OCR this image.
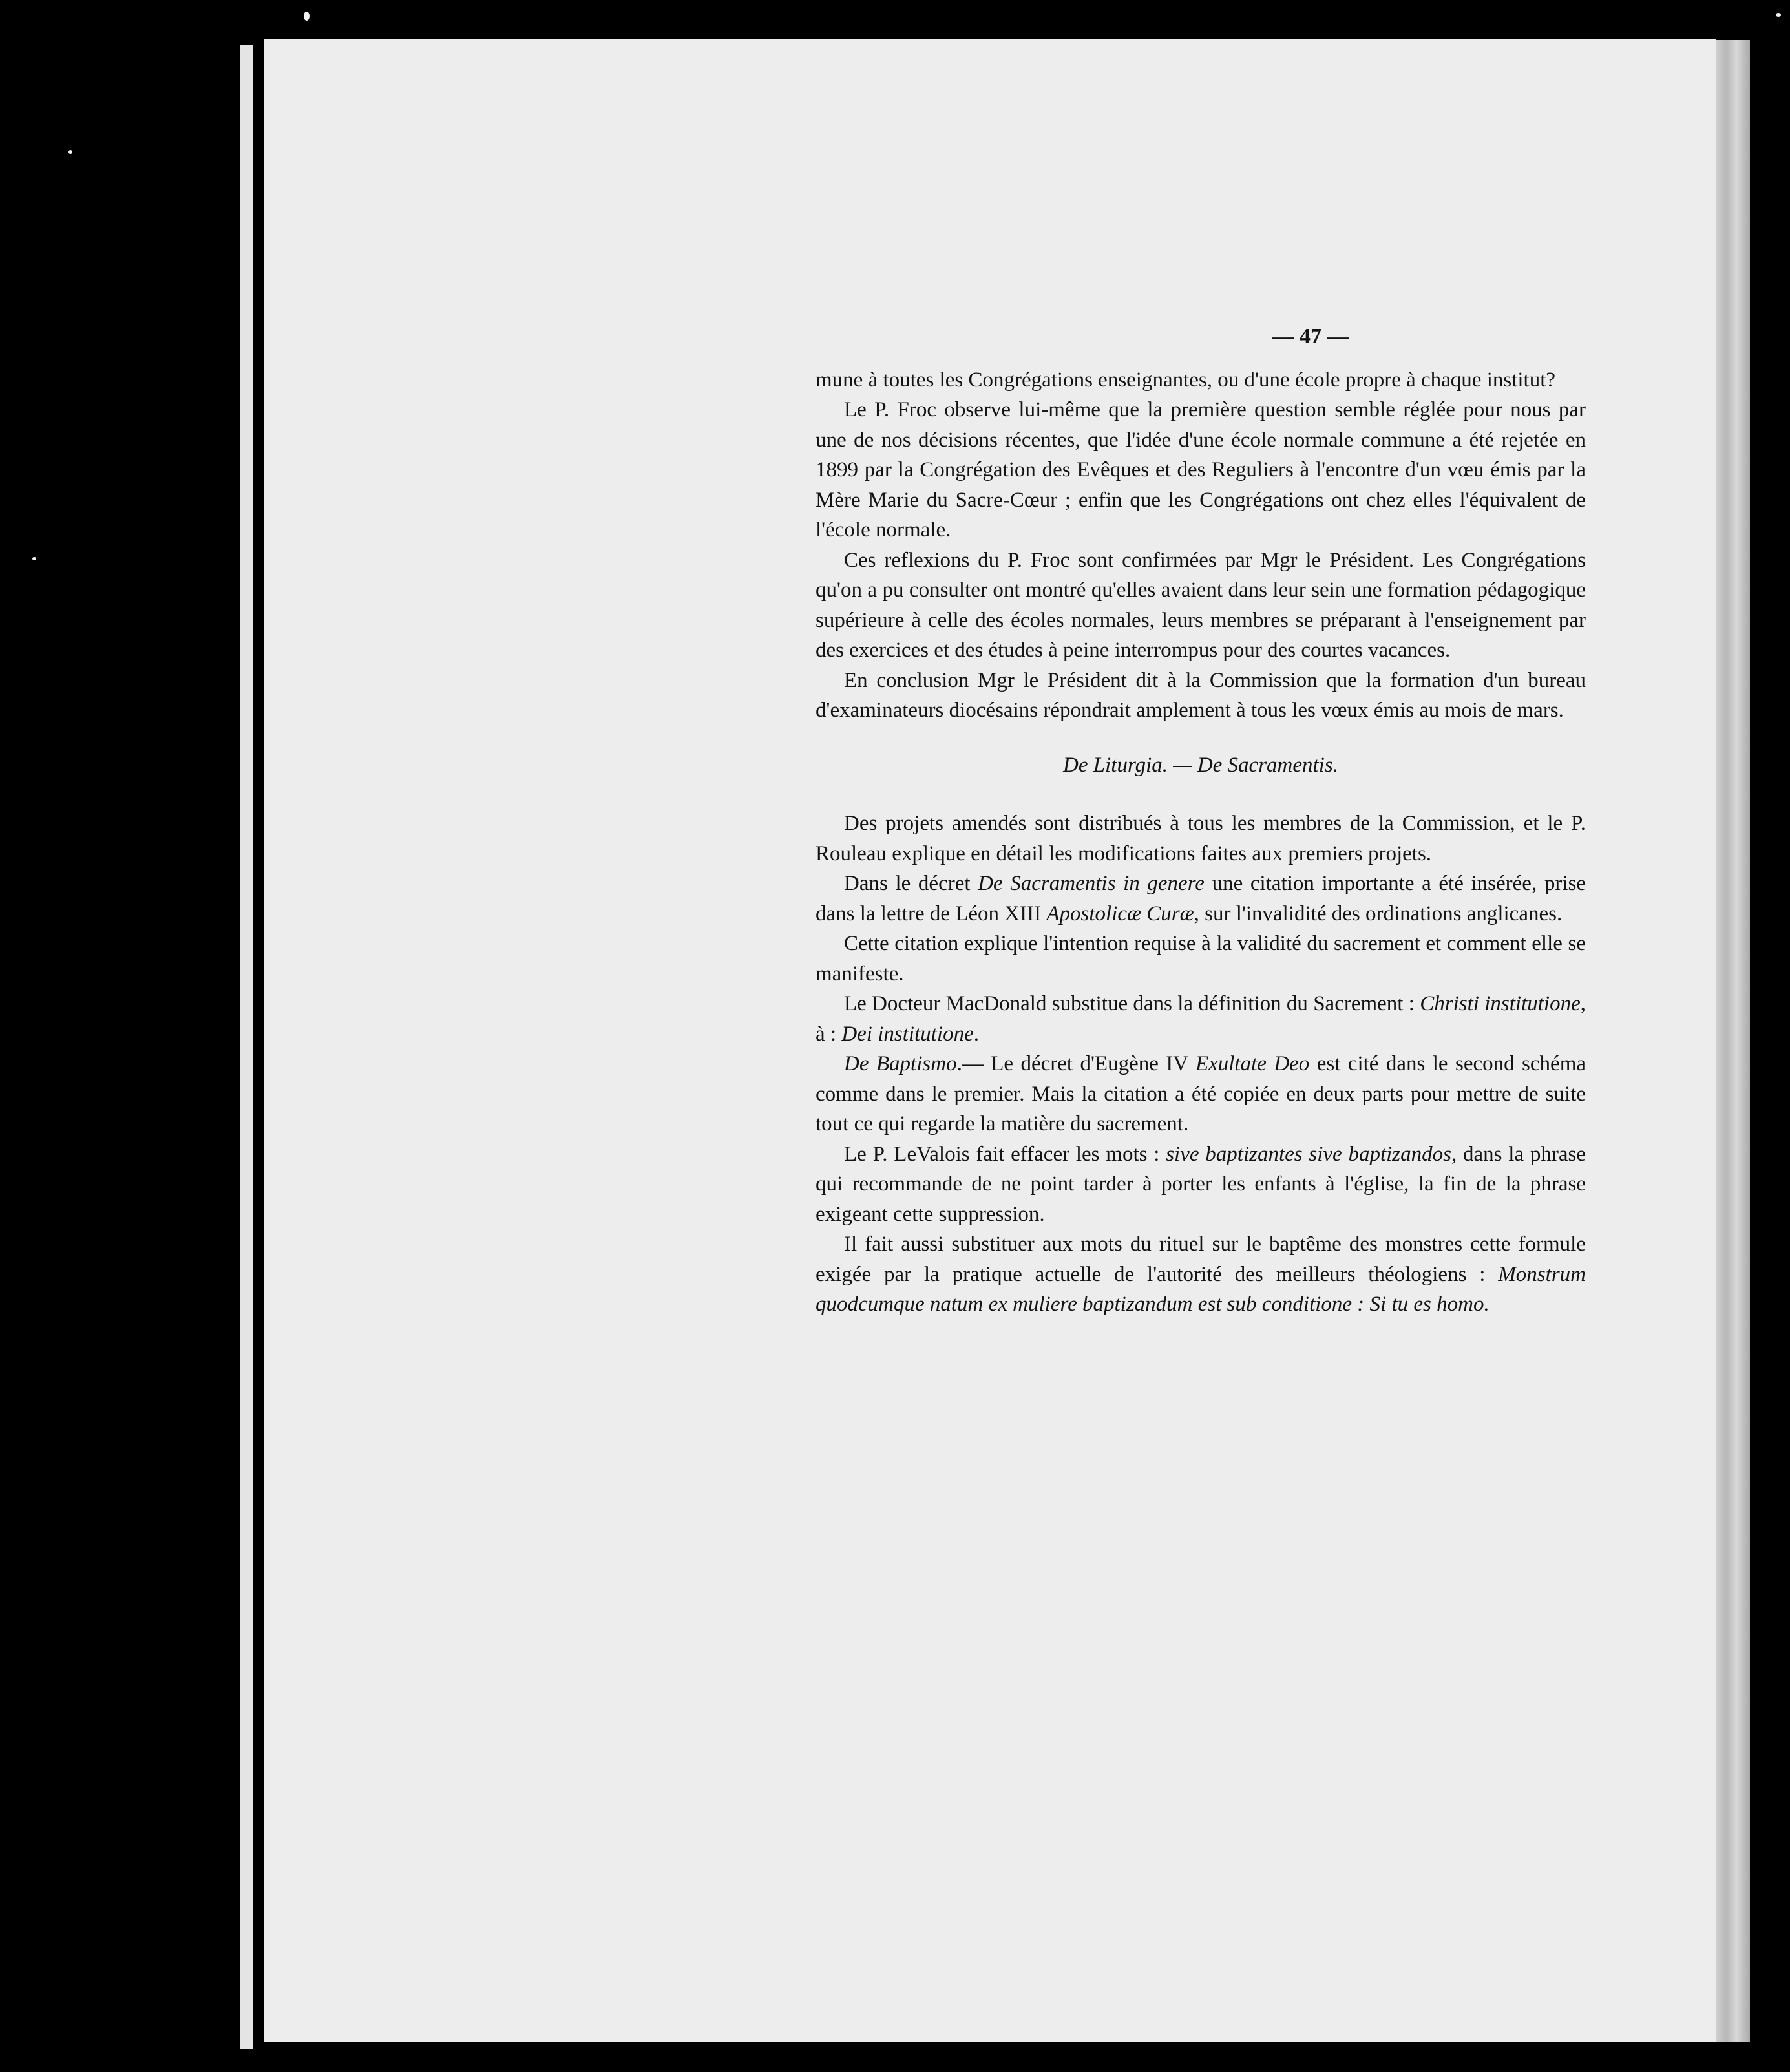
— 47 —

mune à toutes les Congrégations enseignantes, ou d'une école propre à chaque institut?

Le P. Froc observe lui-même que la première question semble réglée pour nous par une de nos décisions récentes, que l'idée d'une école normale commune a été rejetée en 1899 par la Congrégation des Evêques et des Reguliers à l'encontre d'un vœu émis par la Mère Marie du Sacre-Cœur ; enfin que les Congrégations ont chez elles l'équivalent de l'école normale.

Ces reflexions du P. Froc sont confirmées par Mgr le Président. Les Congrégations qu'on a pu consulter ont montré qu'elles avaient dans leur sein une formation pédagogique supérieure à celle des écoles normales, leurs membres se préparant à l'enseignement par des exercices et des études à peine interrompus pour des courtes vacances.

En conclusion Mgr le Président dit à la Commission que la formation d'un bureau d'examinateurs diocésains répondrait amplement à tous les vœux émis au mois de mars.

De Liturgia. — De Sacramentis.

Des projets amendés sont distribués à tous les membres de la Commission, et le P. Rouleau explique en détail les modifications faites aux premiers projets.

Dans le décret De Sacramentis in genere une citation importante a été insérée, prise dans la lettre de Léon XIII Apostolicæ Curæ, sur l'invalidité des ordinations anglicanes.

Cette citation explique l'intention requise à la validité du sacrement et comment elle se manifeste.

Le Docteur MacDonald substitue dans la définition du Sacrement : Christi institutione, à : Dei institutione.

De Baptismo.— Le décret d'Eugène IV Exultate Deo est cité dans le second schéma comme dans le premier. Mais la citation a été copiée en deux parts pour mettre de suite tout ce qui regarde la matière du sacrement.

Le P. LeValois fait effacer les mots : sive baptizantes sive baptizandos, dans la phrase qui recommande de ne point tarder à porter les enfants à l'église, la fin de la phrase exigeant cette suppression.

Il fait aussi substituer aux mots du rituel sur le baptême des monstres cette formule exigée par la pratique actuelle de l'autorité des meilleurs théologiens : Monstrum quodcumque natum ex muliere baptizandum est sub conditione : Si tu es homo.
